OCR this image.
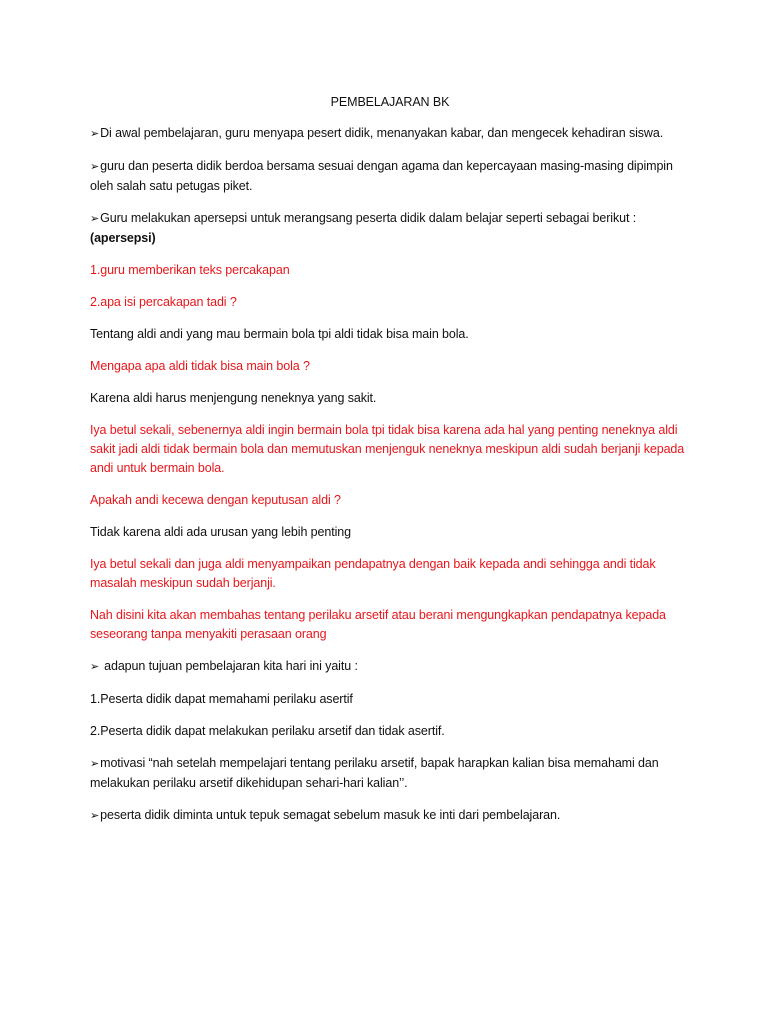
PEMBELAJARAN BK
➢Di awal pembelajaran, guru menyapa pesert didik, menanyakan kabar, dan mengecek kehadiran siswa.
➢guru dan peserta didik berdoa bersama sesuai dengan agama dan kepercayaan masing-masing dipimpin oleh salah satu petugas piket.
➢Guru melakukan apersepsi untuk merangsang peserta didik dalam belajar seperti sebagai berikut : (apersepsi)
1.guru memberikan teks percakapan
2.apa isi percakapan tadi ?
Tentang aldi andi yang mau bermain bola tpi aldi tidak bisa main bola.
Mengapa apa aldi tidak bisa main bola ?
Karena aldi harus menjengung neneknya yang sakit.
Iya betul sekali, sebenernya aldi ingin bermain bola tpi tidak bisa karena ada hal yang penting neneknya aldi sakit jadi aldi tidak bermain bola dan memutuskan menjenguk neneknya meskipun aldi sudah berjanji kepada andi untuk bermain bola.
Apakah andi kecewa dengan keputusan aldi ?
Tidak karena aldi ada urusan yang lebih penting
Iya betul sekali dan juga aldi menyampaikan pendapatnya dengan baik kepada andi sehingga andi tidak masalah meskipun sudah berjanji.
Nah disini kita akan membahas tentang perilaku arsetif atau berani mengungkapkan pendapatnya kepada seseorang tanpa menyakiti perasaan orang
➢ adapun tujuan pembelajaran kita hari ini yaitu :
1.Peserta didik dapat memahami perilaku asertif
2.Peserta didik dapat melakukan perilaku arsetif dan tidak asertif.
➢motivasi “nah setelah mempelajari tentang perilaku arsetif, bapak harapkan kalian bisa memahami dan melakukan perilaku arsetif dikehidupan sehari-hari kalian’’.
➢peserta didik diminta untuk tepuk semagat sebelum masuk ke inti dari pembelajaran.
